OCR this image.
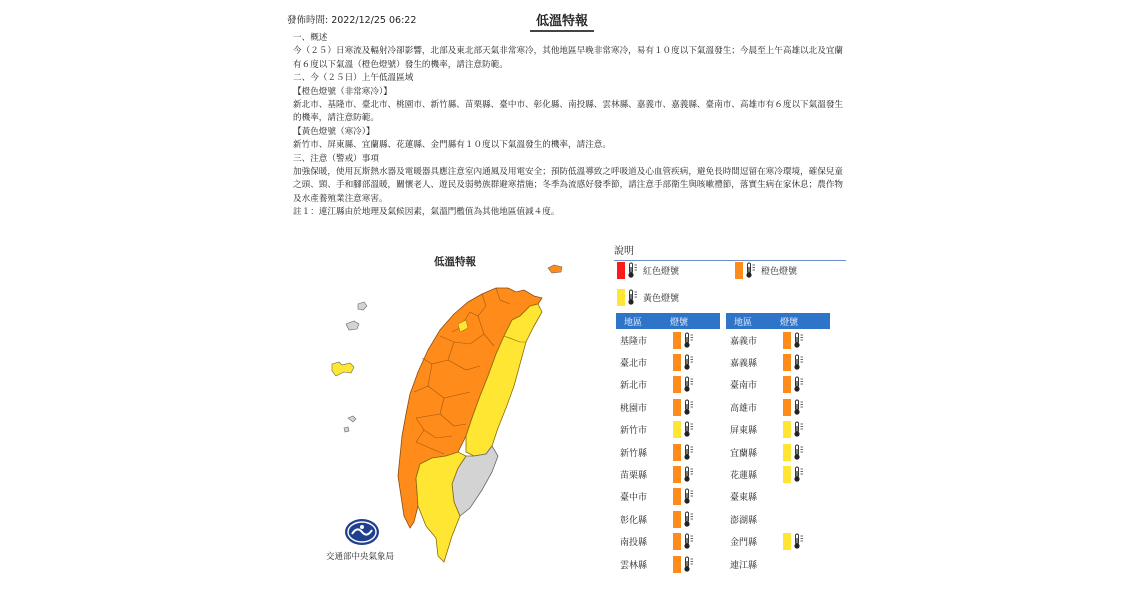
發佈時間: 2022/12/25 06:22	低溫特報

一、概述

今（２５）日寒流及輻射冷卻影響，北部及東北部天氣非常寒冷，其他地區早晚非常寒冷，易有１０度以下氣溫發生；今晨至上午高雄以北及宜蘭有６度以下氣溫（橙色燈號）發生的機率，請注意防範。

二、今（２５日）上午低溫區域

【橙色燈號（非常寒冷）】

新北市、基隆市、臺北市、桃園市、新竹縣、苗栗縣、臺中市、彰化縣、南投縣、雲林縣、嘉義市、嘉義縣、臺南市、高雄市有６度以下氣溫發生的機率，請注意防範。

【黃色燈號（寒冷）】

新竹市、屏東縣、宜蘭縣、花蓮縣、金門縣有１０度以下氣溫發生的機率，請注意。

三、注意（警戒）事項

加強保暖，使用瓦斯熱水器及電暖器具應注意室內通風及用電安全；預防低溫導致之呼吸道及心血管疾病，避免長時間逗留在寒冷環境，確保兒童之頭、頸、手和腳部溫暖，關懷老人、遊民及弱勢族群避寒措施；冬季為流感好發季節，請注意手部衛生與咳嗽禮節，落實生病在家休息；農作物及水產養殖業注意寒害。

註１：連江縣由於地理及氣候因素，氣溫門檻值為其他地區值減４度。

低溫特報
交通部中央氣象局
說明
紅色燈號	橙色燈號
黃色燈號
地區	燈號
基隆市
臺北市
新北市
桃園市
新竹市
新竹縣
苗栗縣
臺中市
彰化縣
南投縣
雲林縣
地區	燈號
嘉義市
嘉義縣
臺南市
高雄市
屏東縣
宜蘭縣
花蓮縣
臺東縣
澎湖縣
金門縣
連江縣
